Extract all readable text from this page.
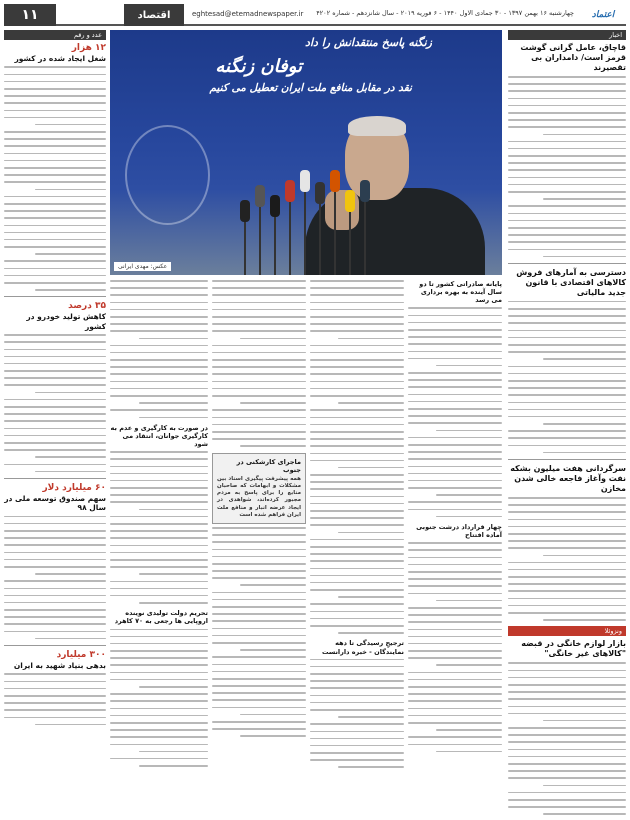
۱۱	اقتصاد	eghtesad@etemadnewspaper.ir چهارشنبه ۱۶ بهمن ۱۳۹۷ - ۳۰ جمادی الاول ۱۴۴۰ - ۶ فوریه ۲۰۱۹ - سال شانزدهم - شماره ۴۲۰۲	اعتماد
اخبار
قاچاق، عامل گرانی گوشت قرمز است/ دامداران بی تقصیرند
دسترسی به آمارهای فروش کالاهای اقتصادی با قانون جدید مالیاتی
سرگردانی هفت میلیون بشکه نفت وآغاز فاجعه خالی شدن مخازن
ونزوئلا
بازار لوازم خانگی در قبضه "کالاهای غیر خانگی"
زنگنه پاسخ منتقدانش را داد
توفان زنگنه
نقد در مقابل منافع ملت ایران تعطیل می کنیم
عکس: مهدی ایرانی
پایانه صادراتی کشور تا دو سال آینده به بهره برداری می رسد
چهار قرارداد درشت جنوبی آماده افتتاح
ترجیحِ رسیدگی تا دهه نمایندگان - خبره دارانست
ماجرای کارشکنی در جنوب
همه پیشرفت پیگیری اسناد بین مشکلات و ابهامات که صاحبان منابع را برای پاسخ به مردم مجبور کرده‌اند، شواهدی در ایجاد عرضه انبار و منافع ملت ایران فراهم شده است
در صورت به کارگیری و عدم به کارگیری جوانان، انتقاد می شود
تحریم دولت تولیدی نوینده اروپایی ها رجعی به ۷۰ کاهرد
عدد و رقم
۱۲ هزار
شغل ایجاد شده در کشور
۳۵ درصد
کاهش تولید خودرو در کشور
۶۰ میلیارد دلار
سهم صندوق توسعه ملی در سال ۹۸
۳۰۰ میلیارد
بدهی بنیاد شهید به ایران
